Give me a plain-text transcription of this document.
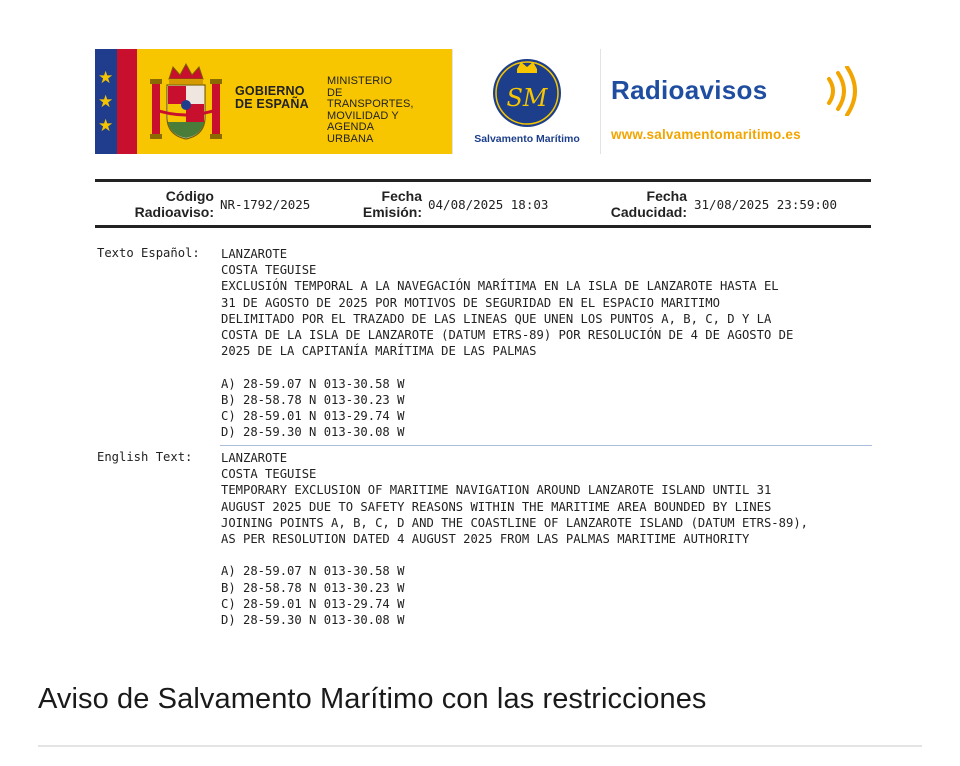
★
★
★
GOBIERNO
DE ESPAÑA
MINISTERIO
DE TRANSPORTES,
MOVILIDAD Y
AGENDA URBANA
SM
Salvamento Marítimo
Radioavisos
www.salvamentomaritimo.es
Código
Radioaviso: NR-1792/2025
Fecha
Emisión: 04/08/2025 18:03
Fecha
Caducidad: 31/08/2025 23:59:00
Texto Español: LANZAROTE
COSTA TEGUISE
EXCLUSIÓN TEMPORAL A LA NAVEGACIÓN MARÍTIMA EN LA ISLA DE LANZAROTE HASTA EL
31 DE AGOSTO DE 2025 POR MOTIVOS DE SEGURIDAD EN EL ESPACIO MARITIMO
DELIMITADO POR EL TRAZADO DE LAS LINEAS QUE UNEN LOS PUNTOS A, B, C, D Y LA
COSTA DE LA ISLA DE LANZAROTE (DATUM ETRS-89) POR RESOLUCIÓN DE 4 DE AGOSTO DE
2025 DE LA CAPITANÍA MARÍTIMA DE LAS PALMAS
A) 28-59.07 N 013-30.58 W
B) 28-58.78 N 013-30.23 W
C) 28-59.01 N 013-29.74 W
D) 28-59.30 N 013-30.08 W
English Text: LANZAROTE
COSTA TEGUISE
TEMPORARY EXCLUSION OF MARITIME NAVIGATION AROUND LANZAROTE ISLAND UNTIL 31
AUGUST 2025 DUE TO SAFETY REASONS WITHIN THE MARITIME AREA BOUNDED BY LINES
JOINING POINTS A, B, C, D AND THE COASTLINE OF LANZAROTE ISLAND (DATUM ETRS-89),
AS PER RESOLUTION DATED 4 AUGUST 2025 FROM LAS PALMAS MARITIME AUTHORITY
A) 28-59.07 N 013-30.58 W
B) 28-58.78 N 013-30.23 W
C) 28-59.01 N 013-29.74 W
D) 28-59.30 N 013-30.08 W
Aviso de Salvamento Marítimo con las restricciones
